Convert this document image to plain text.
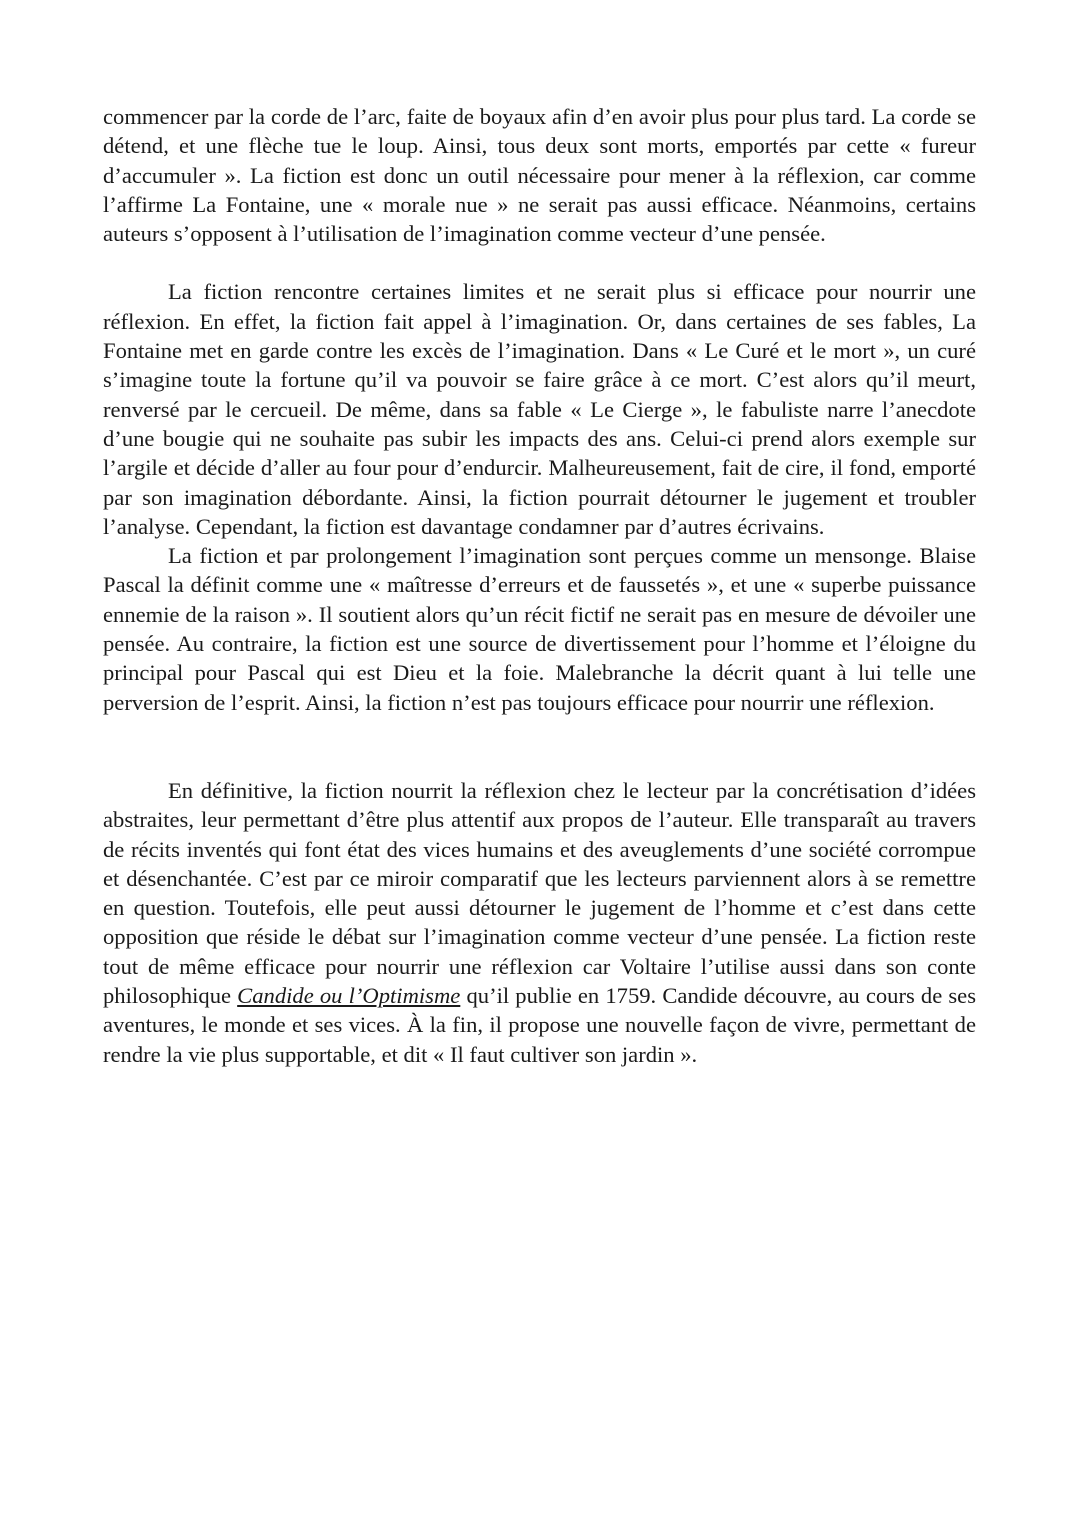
commencer par la corde de l’arc, faite de boyaux afin d’en avoir plus pour plus tard. La corde se détend, et une flèche tue le loup. Ainsi, tous deux sont morts, emportés par cette « fureur d’accumuler ». La fiction est donc un outil nécessaire pour mener à la réflexion, car comme l’affirme La Fontaine, une « morale nue » ne serait pas aussi efficace. Néanmoins, certains auteurs s’opposent à l’utilisation de l’imagination comme vecteur d’une pensée.

La fiction rencontre certaines limites et ne serait plus si efficace pour nourrir une réflexion. En effet, la fiction fait appel à l’imagination. Or, dans certaines de ses fables, La Fontaine met en garde contre les excès de l’imagination. Dans « Le Curé et le mort », un curé s’imagine toute la fortune qu’il va pouvoir se faire grâce à ce mort. C’est alors qu’il meurt, renversé par le cercueil. De même, dans sa fable « Le Cierge », le fabuliste narre l’anecdote d’une bougie qui ne souhaite pas subir les impacts des ans. Celui-ci prend alors exemple sur l’argile et décide d’aller au four pour d’endurcir. Malheureusement, fait de cire, il fond, emporté par son imagination débordante. Ainsi, la fiction pourrait détourner le jugement et troubler l’analyse. Cependant, la fiction est davantage condamner par d’autres écrivains.

La fiction et par prolongement l’imagination sont perçues comme un mensonge. Blaise Pascal la définit comme une « maîtresse d’erreurs et de faussetés », et une « superbe puissance ennemie de la raison ». Il soutient alors qu’un récit fictif ne serait pas en mesure de dévoiler une pensée. Au contraire, la fiction est une source de divertissement pour l’homme et l’éloigne du principal pour Pascal qui est Dieu et la foie. Malebranche la décrit quant à lui telle une perversion de l’esprit. Ainsi, la fiction n’est pas toujours efficace pour nourrir une réflexion.

En définitive, la fiction nourrit la réflexion chez le lecteur par la concrétisation d’idées abstraites, leur permettant d’être plus attentif aux propos de l’auteur. Elle transparaît au travers de récits inventés qui font état des vices humains et des aveuglements d’une société corrompue et désenchantée. C’est par ce miroir comparatif que les lecteurs parviennent alors à se remettre en question. Toutefois, elle peut aussi détourner le jugement de l’homme et c’est dans cette opposition que réside le débat sur l’imagination comme vecteur d’une pensée. La fiction reste tout de même efficace pour nourrir une réflexion car Voltaire l’utilise aussi dans son conte philosophique Candide ou l’Optimisme qu’il publie en 1759. Candide découvre, au cours de ses aventures, le monde et ses vices. À la fin, il propose une nouvelle façon de vivre, permettant de rendre la vie plus supportable, et dit « Il faut cultiver son jardin ».
